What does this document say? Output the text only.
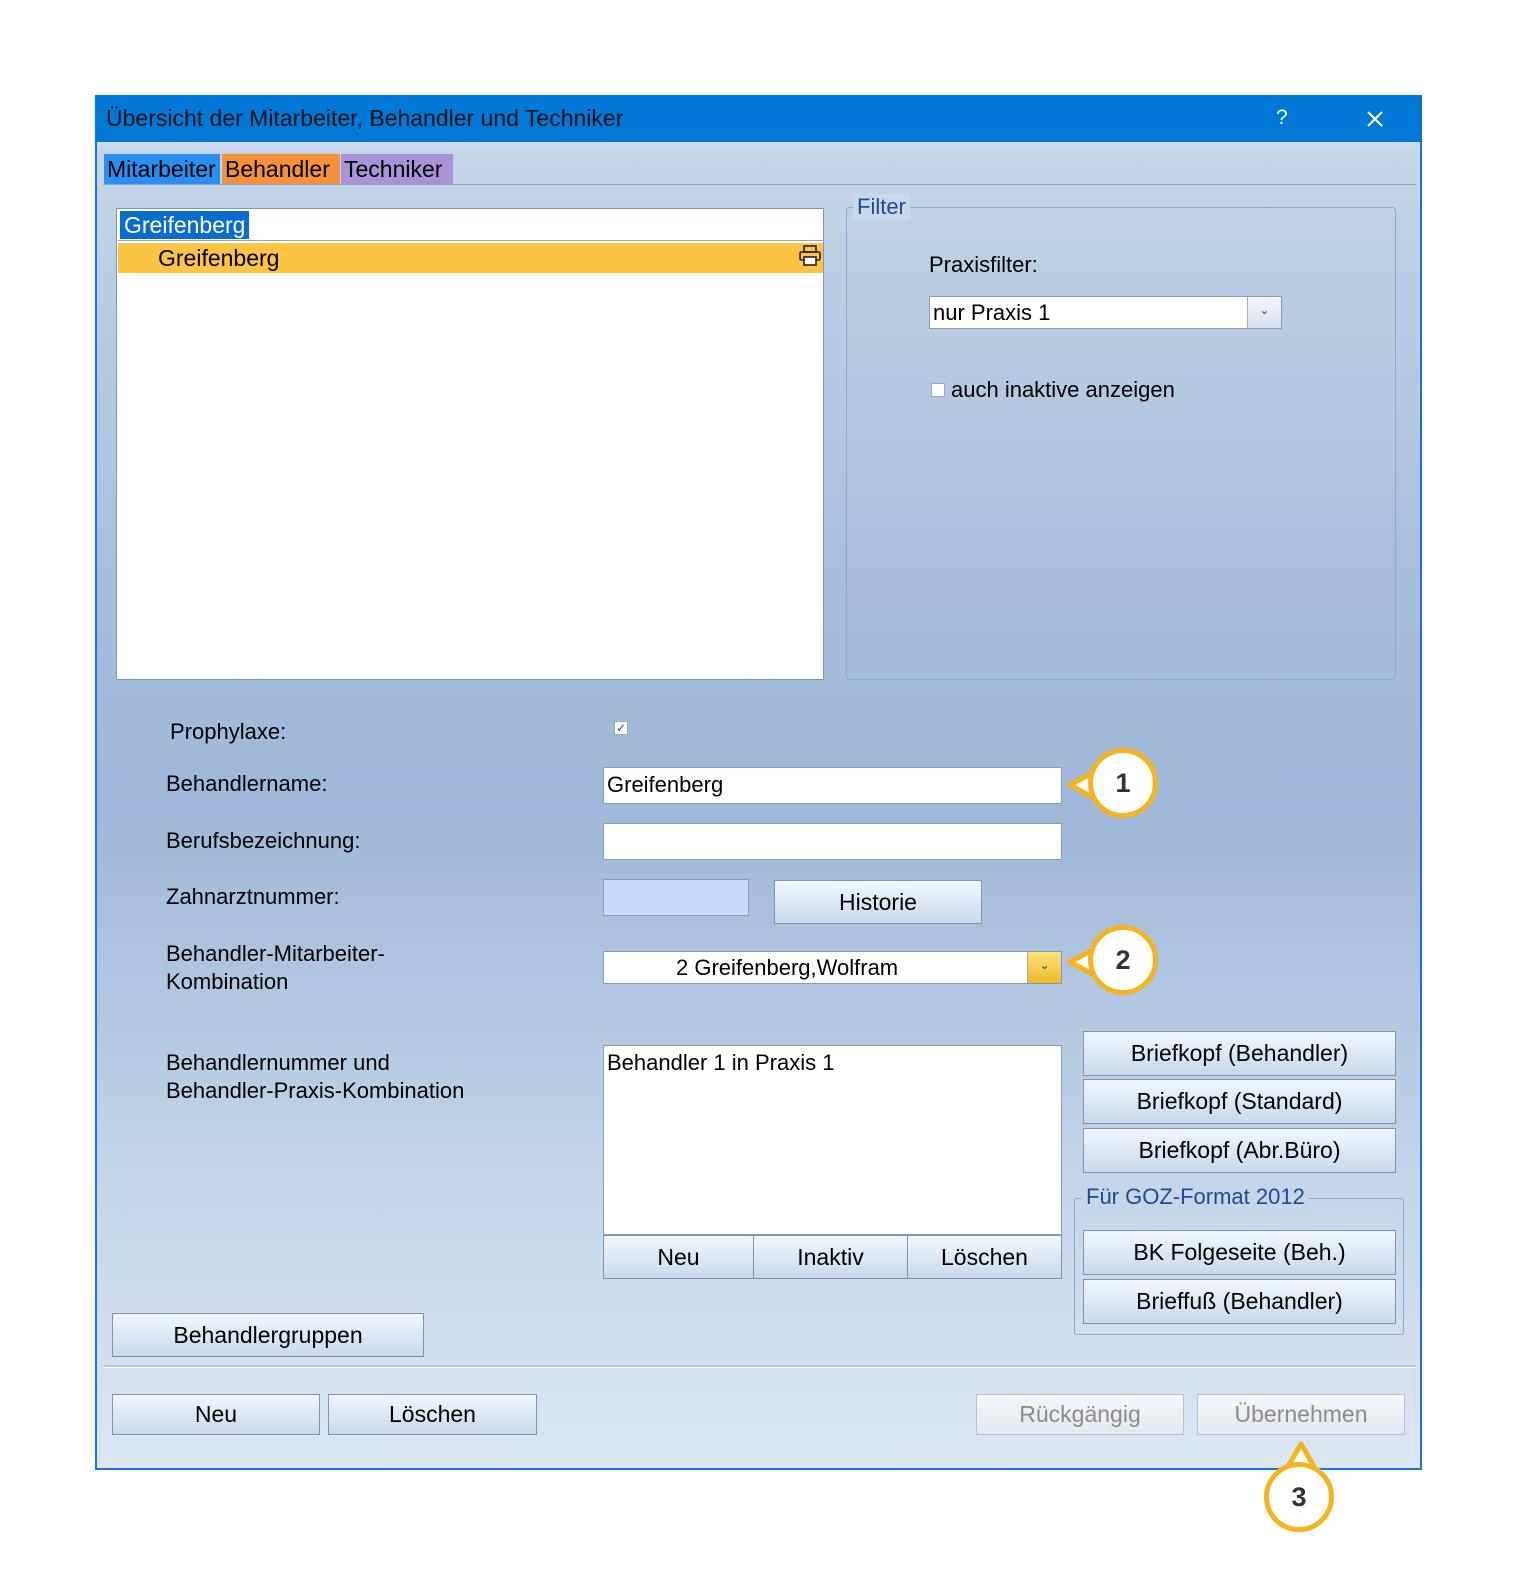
Übersicht der Mitarbeiter, Behandler und Techniker	?
Mitarbeiter Behandler Techniker
Greifenberg
Greifenberg
Filter
Praxisfilter:
nur Praxis 1	⌄
auch inaktive anzeigen
Prophylaxe:	✓
Behandlername:	Greifenberg
Berufsbezeichnung:
Zahnarztnummer:	Historie
Behandler-Mitarbeiter-
Kombination
2 Greifenberg,Wolfram	⌄
Behandlernummer und
Behandler-Praxis-Kombination
Behandler 1 in Praxis 1
Neu	Inaktiv	Löschen
Briefkopf (Behandler)
Briefkopf (Standard)
Briefkopf (Abr.Büro)
Für GOZ-Format 2012
BK Folgeseite (Beh.)
Brieffuß (Behandler)
Behandlergruppen
Neu	Löschen	Rückgängig	Übernehmen
1
2
3
